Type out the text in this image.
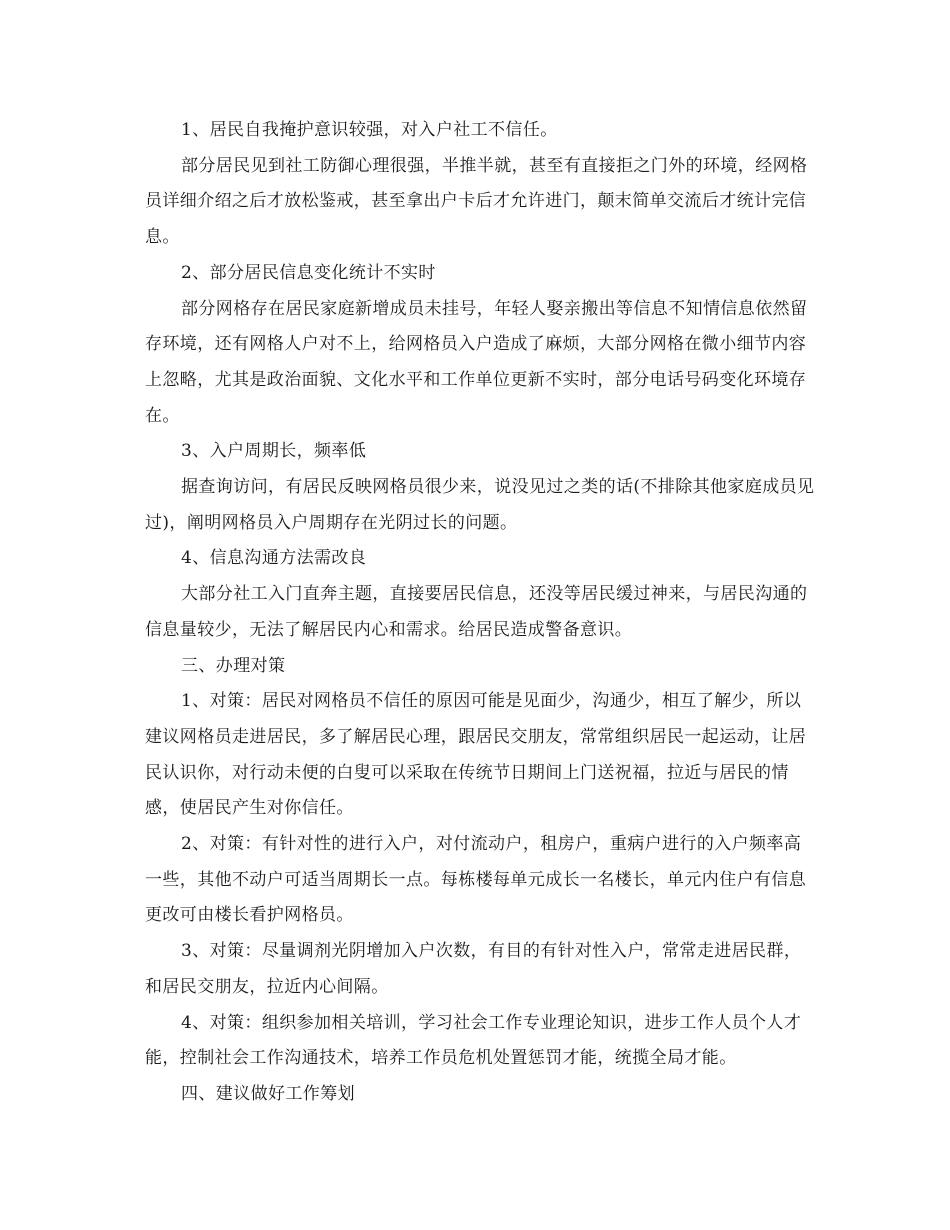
1、居民自我掩护意识较强，对入户社工不信任。

部分居民见到社工防御心理很强，半推半就，甚至有直接拒之门外的环境，经网格员详细介绍之后才放松鉴戒，甚至拿出户卡后才允许进门，颠末简单交流后才统计完信息。

2、部分居民信息变化统计不实时

部分网格存在居民家庭新增成员未挂号，年轻人娶亲搬出等信息不知情信息依然留存环境，还有网格人户对不上，给网格员入户造成了麻烦，大部分网格在微小细节内容上忽略，尤其是政治面貌、文化水平和工作单位更新不实时，部分电话号码变化环境存在。

3、入户周期长，频率低

据查询访问，有居民反映网格员很少来，说没见过之类的话(不排除其他家庭成员见过)，阐明网格员入户周期存在光阴过长的问题。

4、信息沟通方法需改良

大部分社工入门直奔主题，直接要居民信息，还没等居民缓过神来，与居民沟通的信息量较少，无法了解居民内心和需求。给居民造成警备意识。

三、办理对策

1、对策：居民对网格员不信任的原因可能是见面少，沟通少，相互了解少，所以建议网格员走进居民，多了解居民心理，跟居民交朋友，常常组织居民一起运动，让居民认识你，对行动未便的白叟可以采取在传统节日期间上门送祝福，拉近与居民的情感，使居民产生对你信任。

2、对策：有针对性的进行入户，对付流动户，租房户，重病户进行的入户频率高一些，其他不动户可适当周期长一点。每栋楼每单元成长一名楼长，单元内住户有信息更改可由楼长看护网格员。

3、对策：尽量调剂光阴增加入户次数，有目的有针对性入户，常常走进居民群，和居民交朋友，拉近内心间隔。

4、对策：组织参加相关培训，学习社会工作专业理论知识，进步工作人员个人才能，控制社会工作沟通技术，培养工作员危机处置惩罚才能，统揽全局才能。

四、建议做好工作筹划
